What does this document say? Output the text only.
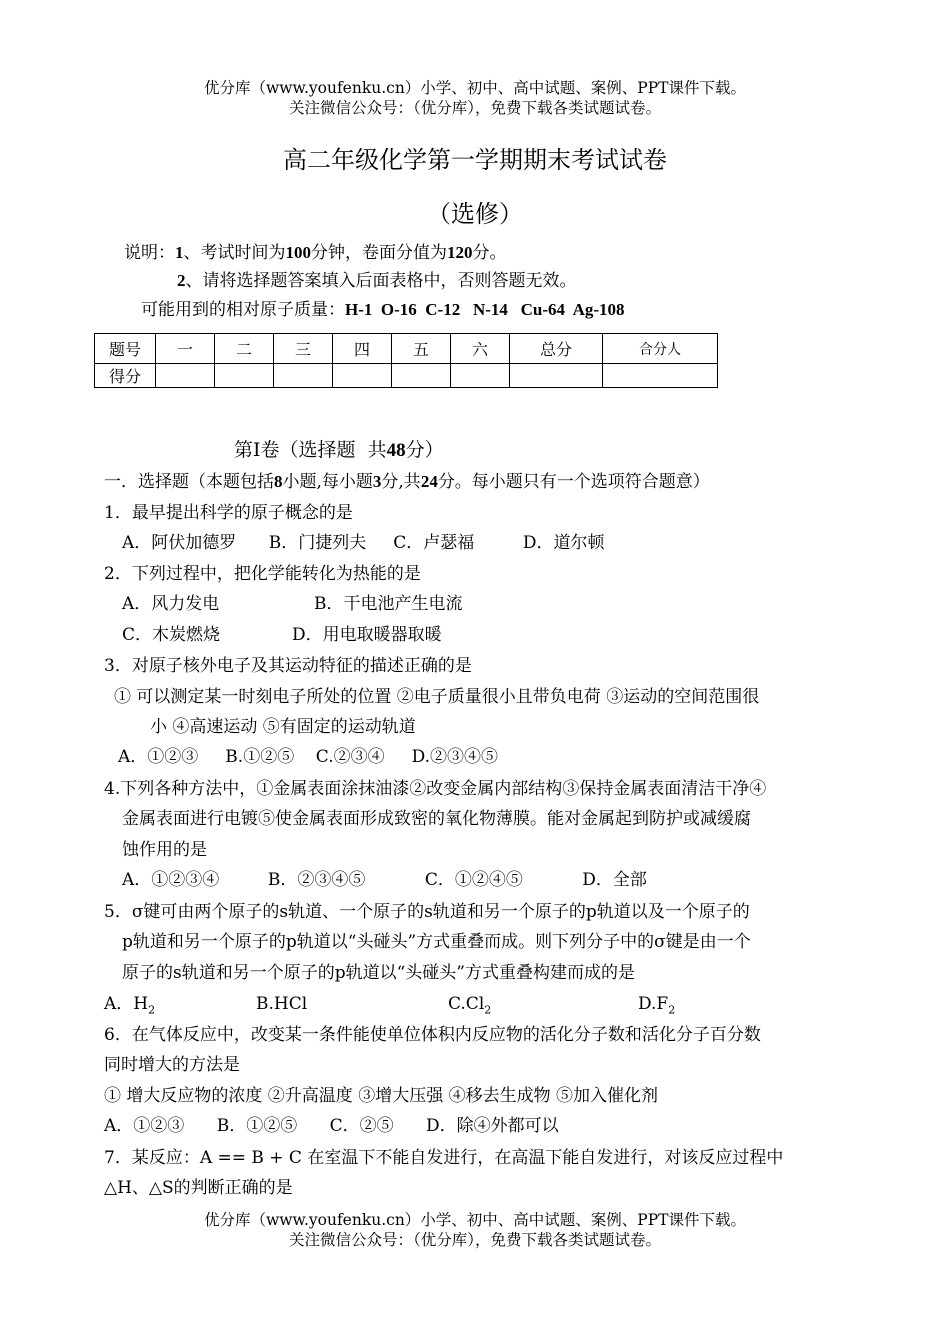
优分库（www.youfenku.cn）小学、初中、高中试题、案例、PPT课件下载。
关注微信公众号：（优分库），免费下载各类试题试卷。
高二年级化学第一学期期末考试试卷
（选修）
说明：1、考试时间为100分钟，卷面分值为120分。
2、请将选择题答案填入后面表格中，否则答题无效。
可能用到的相对原子质量：H-1  O-16  C-12   N-14   Cu-64  Ag-108
题号	一	二	三	四	五	六	总分	合分人
得分								
第Ⅰ卷（选择题  共48分）
一．选择题（本题包括8小题,每小题3分,共24分。每小题只有一个选项符合题意）
1．最早提出科学的原子概念的是
A．阿伏加德罗      B．门捷列夫     C．卢瑟福         D．道尔顿
2．下列过程中，把化学能转化为热能的是
A．风力发电	B．干电池产生电流
C．木炭燃烧	D．用电取暖器取暖
3．对原子核外电子及其运动特征的描述正确的是
① 可以测定某一时刻电子所处的位置 ②电子质量很小且带负电荷 ③运动的空间范围很
小 ④高速运动 ⑤有固定的运动轨道
A．①②③     B.①②⑤    C.②③④     D.②③④⑤
4.下列各种方法中，①金属表面涂抹油漆②改变金属内部结构③保持金属表面清洁干净④
金属表面进行电镀⑤使金属表面形成致密的氧化物薄膜。能对金属起到防护或减缓腐
蚀作用的是
A．①②③④         B．②③④⑤           C．①②④⑤           D．全部
5．σ键可由两个原子的s轨道、一个原子的s轨道和另一个原子的p轨道以及一个原子的
p轨道和另一个原子的p轨道以“头碰头”方式重叠而成。则下列分子中的σ键是由一个
原子的s轨道和另一个原子的p轨道以“头碰头”方式重叠构建而成的是
A．$H_2$	B.HCl	$C.Cl_2$	$D.F_2$
6．在气体反应中，改变某一条件能使单位体积内反应物的活化分子数和活化分子百分数
同时增大的方法是
① 增大反应物的浓度 ②升高温度 ③增大压强 ④移去生成物 ⑤加入催化剂
A．①②③      B．①②⑤      C．②⑤      D．除④外都可以
7．某反应：A == B + C 在室温下不能自发进行，在高温下能自发进行，对该反应过程中
△H、△S的判断正确的是
优分库（www.youfenku.cn）小学、初中、高中试题、案例、PPT课件下载。
关注微信公众号：（优分库），免费下载各类试题试卷。
